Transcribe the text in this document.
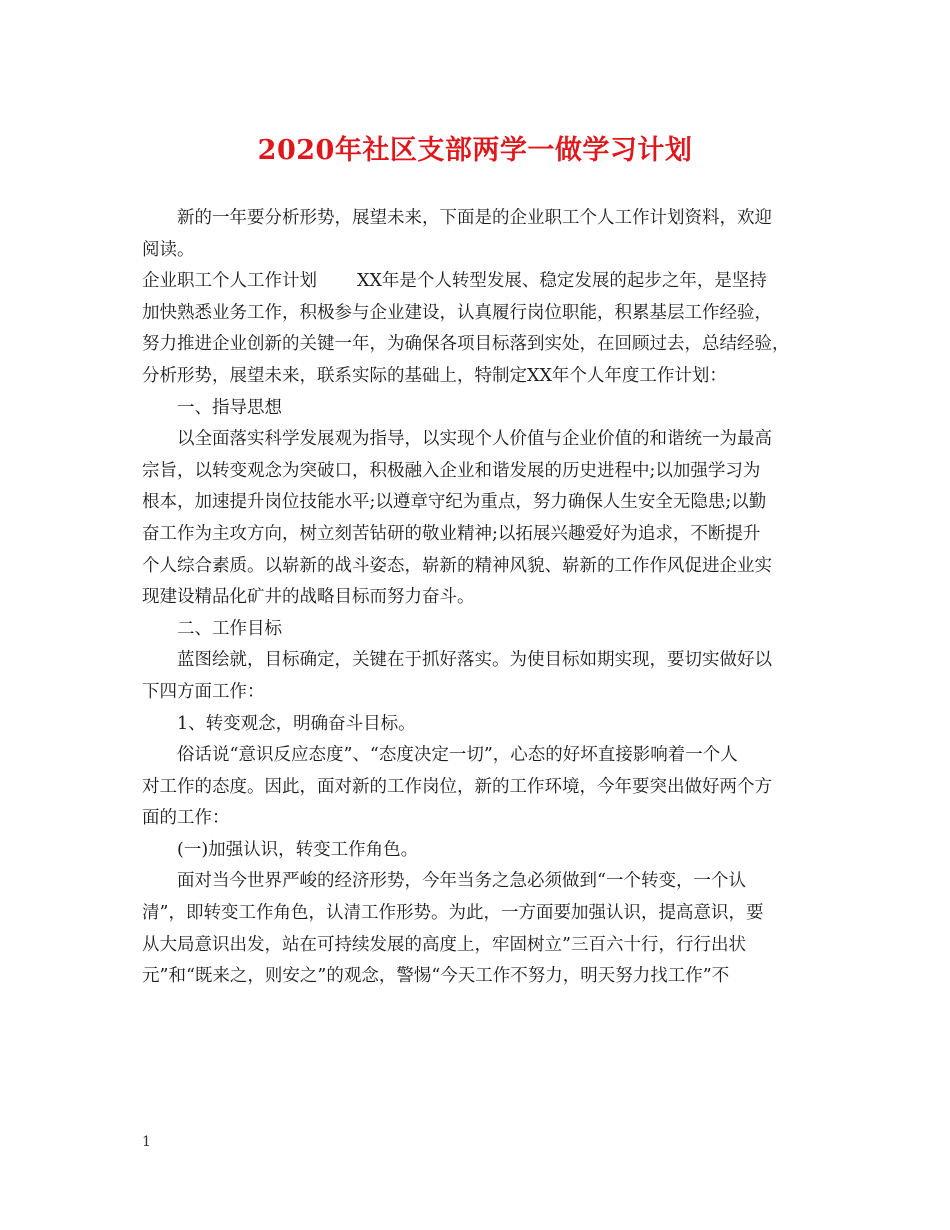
2020年社区支部两学一做学习计划
新的一年要分析形势，展望未来，下面是的企业职工个人工作计划资料，欢迎
阅读。
企业职工个人工作计划 XX年是个人转型发展、稳定发展的起步之年，是坚持
加快熟悉业务工作，积极参与企业建设，认真履行岗位职能，积累基层工作经验，
努力推进企业创新的关键一年，为确保各项目标落到实处，在回顾过去，总结经验，
分析形势，展望未来，联系实际的基础上，特制定XX年个人年度工作计划：
一、指导思想
以全面落实科学发展观为指导，以实现个人价值与企业价值的和谐统一为最高
宗旨，以转变观念为突破口，积极融入企业和谐发展的历史进程中;以加强学习为
根本，加速提升岗位技能水平;以遵章守纪为重点，努力确保人生安全无隐患;以勤
奋工作为主攻方向，树立刻苦钻研的敬业精神;以拓展兴趣爱好为追求，不断提升
个人综合素质。以崭新的战斗姿态，崭新的精神风貌、崭新的工作作风促进企业实
现建设精品化矿井的战略目标而努力奋斗。
二、工作目标
蓝图绘就，目标确定，关键在于抓好落实。为使目标如期实现，要切实做好以
下四方面工作：
1、转变观念，明确奋斗目标。
俗话说“意识反应态度”、“态度决定一切”，心态的好坏直接影响着一个人
对工作的态度。因此，面对新的工作岗位，新的工作环境，今年要突出做好两个方
面的工作：
(一)加强认识，转变工作角色。
面对当今世界严峻的经济形势，今年当务之急必须做到“一个转变，一个认
清”，即转变工作角色，认清工作形势。为此，一方面要加强认识，提高意识，要
从大局意识出发，站在可持续发展的高度上，牢固树立”三百六十行，行行出状
元”和“既来之，则安之”的观念，警惕“今天工作不努力，明天努力找工作”不
1
